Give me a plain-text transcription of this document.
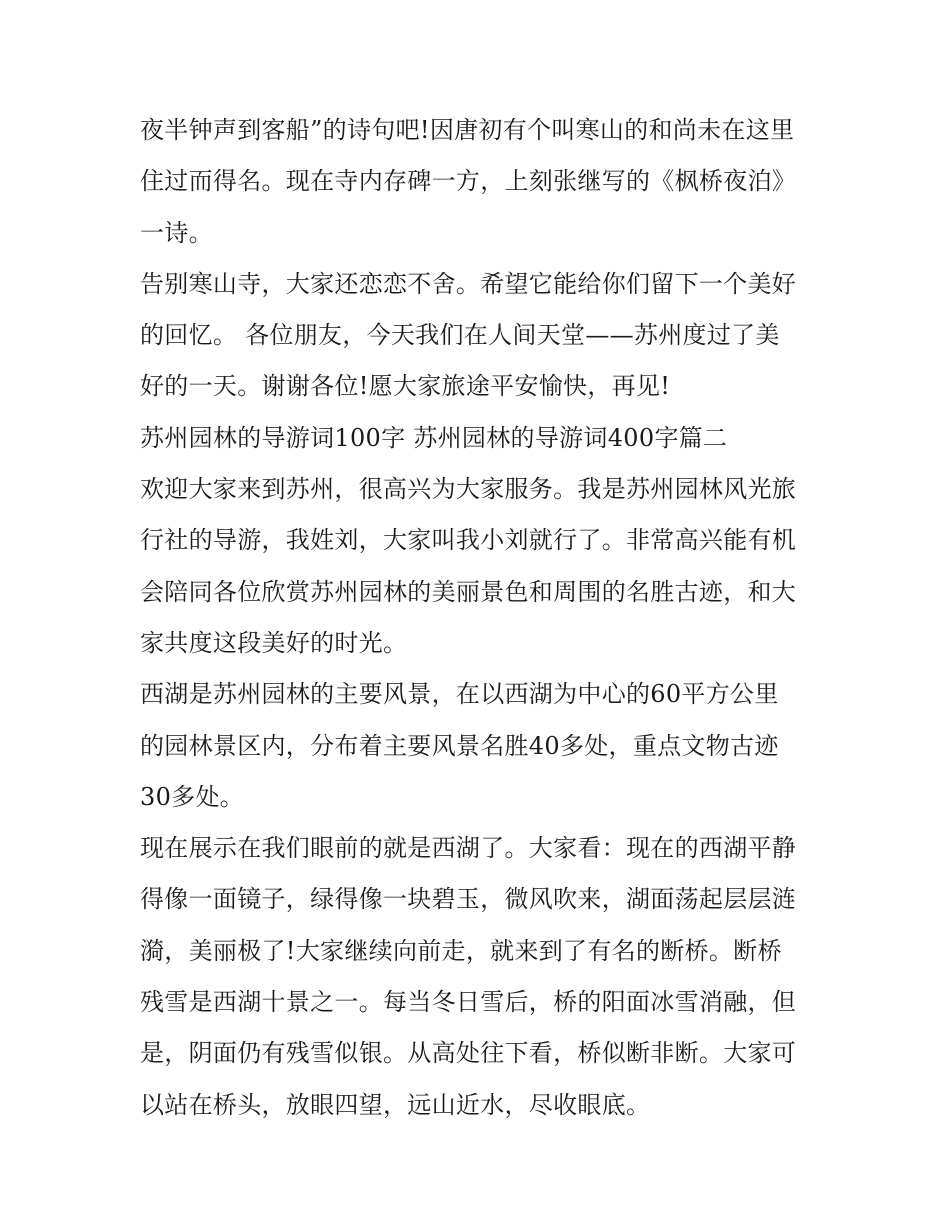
夜半钟声到客船”的诗句吧!因唐初有个叫寒山的和尚未在这里
住过而得名。现在寺内存碑一方，上刻张继写的《枫桥夜泊》
一诗。
告别寒山寺，大家还恋恋不舍。希望它能给你们留下一个美好
的回忆。 各位朋友，今天我们在人间天堂——苏州度过了美
好的一天。谢谢各位!愿大家旅途平安愉快，再见!
苏州园林的导游词100字 苏州园林的导游词400字篇二
欢迎大家来到苏州，很高兴为大家服务。我是苏州园林风光旅
行社的导游，我姓刘，大家叫我小刘就行了。非常高兴能有机
会陪同各位欣赏苏州园林的美丽景色和周围的名胜古迹，和大
家共度这段美好的时光。
西湖是苏州园林的主要风景，在以西湖为中心的60平方公里
的园林景区内，分布着主要风景名胜40多处，重点文物古迹
30多处。
现在展示在我们眼前的就是西湖了。大家看：现在的西湖平静
得像一面镜子，绿得像一块碧玉，微风吹来，湖面荡起层层涟
漪，美丽极了!大家继续向前走，就来到了有名的断桥。断桥
残雪是西湖十景之一。每当冬日雪后，桥的阳面冰雪消融，但
是，阴面仍有残雪似银。从高处往下看，桥似断非断。大家可
以站在桥头，放眼四望，远山近水，尽收眼底。
